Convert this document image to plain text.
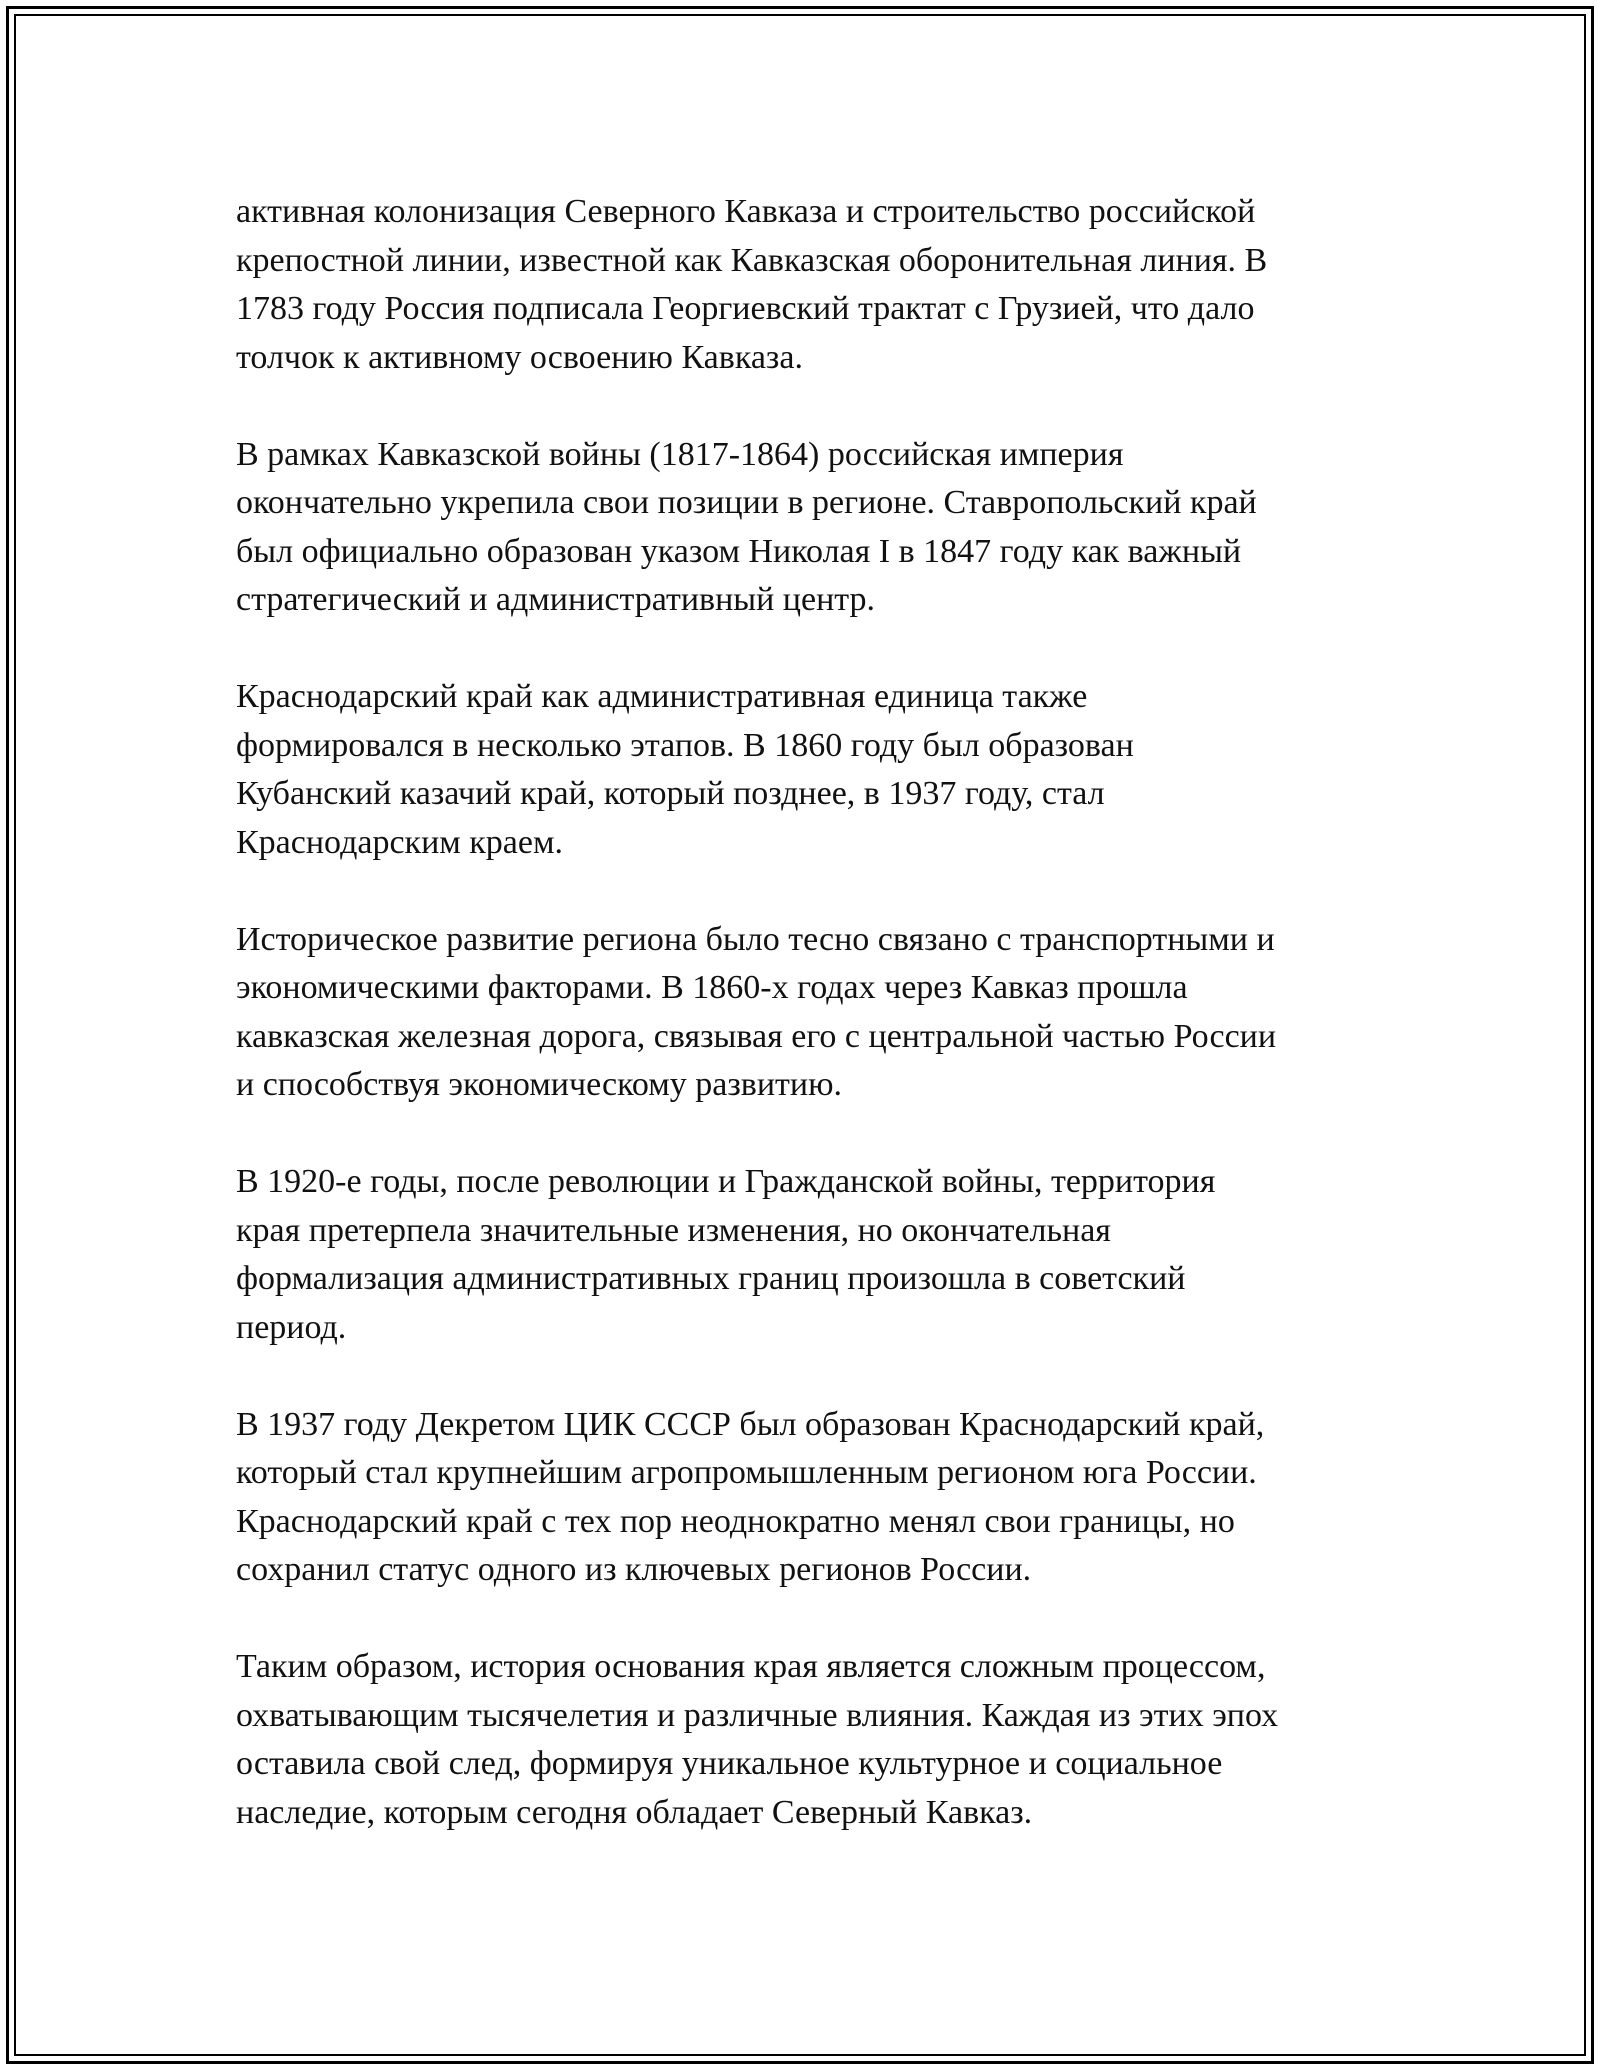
активная колонизация Северного Кавказа и строительство российской
крепостной линии, известной как Кавказская оборонительная линия. В
1783 году Россия подписала Георгиевский трактат с Грузией, что дало
толчок к активному освоению Кавказа.

В рамках Кавказской войны (1817-1864) российская империя
окончательно укрепила свои позиции в регионе. Ставропольский край
был официально образован указом Николая I в 1847 году как важный
стратегический и административный центр.

Краснодарский край как административная единица также
формировался в несколько этапов. В 1860 году был образован
Кубанский казачий край, который позднее, в 1937 году, стал
Краснодарским краем.

Историческое развитие региона было тесно связано с транспортными и
экономическими факторами. В 1860-х годах через Кавказ прошла
кавказская железная дорога, связывая его с центральной частью России
и способствуя экономическому развитию.

В 1920-е годы, после революции и Гражданской войны, территория
края претерпела значительные изменения, но окончательная
формализация административных границ произошла в советский
период.

В 1937 году Декретом ЦИК СССР был образован Краснодарский край,
который стал крупнейшим агропромышленным регионом юга России.
Краснодарский край с тех пор неоднократно менял свои границы, но
сохранил статус одного из ключевых регионов России.

Таким образом, история основания края является сложным процессом,
охватывающим тысячелетия и различные влияния. Каждая из этих эпох
оставила свой след, формируя уникальное культурное и социальное
наследие, которым сегодня обладает Северный Кавказ.
